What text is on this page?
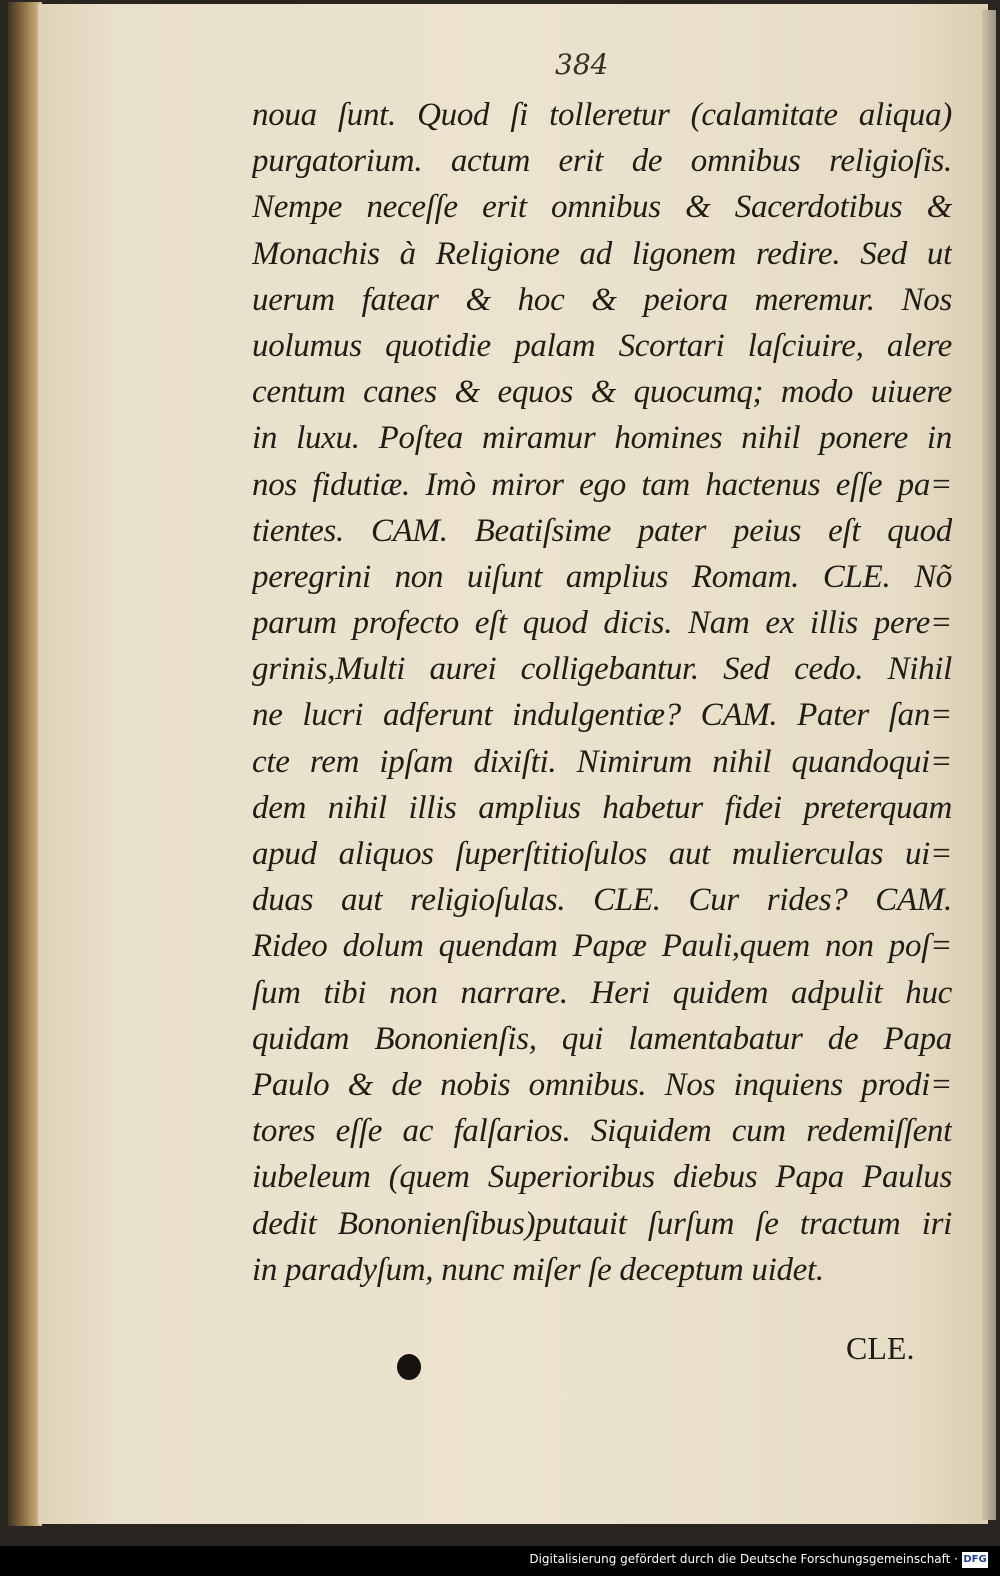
384
noua ſunt. Quod ſi tolleretur (calamitate aliqua)
purgatorium. actum erit de omnibus religioſis.
Nempe neceſſe erit omnibus & Sacerdotibus &
Monachis à Religione ad ligonem redire. Sed ut
uerum fatear & hoc & peiora meremur. Nos
uolumus quotidie palam Scortari laſciuire, alere
centum canes & equos & quocumq; modo uiuere
in luxu. Poſtea miramur homines nihil ponere in
nos fidutiæ. Imò miror ego tam hactenus eſſe pa=
tientes. CAM. Beatiſsime pater peius eſt quod
peregrini non uiſunt amplius Romam. CLE. Nõ
parum profecto eſt quod dicis. Nam ex illis pere=
grinis,Multi aurei colligebantur. Sed cedo. Nihil
ne lucri adferunt indulgentiæ? CAM. Pater ſan=
cte rem ipſam dixiſti. Nimirum nihil quandoqui=
dem nihil illis amplius habetur fidei preterquam
apud aliquos ſuperſtitioſulos aut mulierculas ui=
duas aut religioſulas. CLE. Cur rides? CAM.
Rideo dolum quendam Papæ Pauli,quem non poſ=
ſum tibi non narrare. Heri quidem adpulit huc
quidam Bononienſis, qui lamentabatur de Papa
Paulo & de nobis omnibus. Nos inquiens prodi=
tores eſſe ac falſarios. Siquidem cum redemiſſent
iubeleum (quem Superioribus diebus Papa Paulus
dedit Bononienſibus)putauit ſurſum ſe tractum iri
in paradyſum, nunc miſer ſe deceptum uidet.
CLE.
Digitalisierung gefördert durch die Deutsche Forschungsgemeinschaft · DFG
